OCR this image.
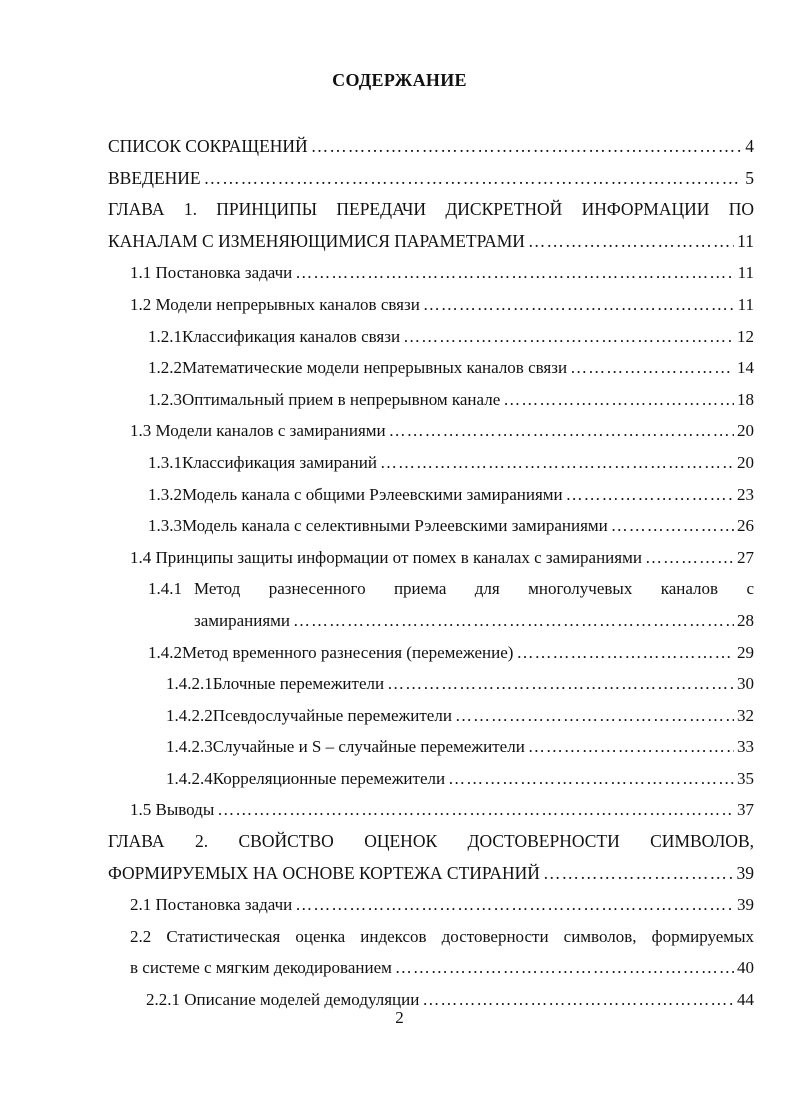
СОДЕРЖАНИЕ
СПИСОК СОКРАЩЕНИЙ …………………………………………………………………………………………………………………………………………	4
ВВЕДЕНИЕ …………………………………………………………………………………………………………………………………………	5
ГЛАВА 1. ПРИНЦИПЫ ПЕРЕДАЧИ ДИСКРЕТНОЙ ИНФОРМАЦИИ ПО
КАНАЛАМ С ИЗМЕНЯЮЩИМИСЯ ПАРАМЕТРАМИ …………………………………………………………………………………………………………………………………………	11
1.1 Постановка задачи …………………………………………………………………………………………………………………………………………	11
1.2 Модели непрерывных каналов связи …………………………………………………………………………………………………………………………………………	11
1.2.1 Классификация каналов связи …………………………………………………………………………………………………………………………………………	12
1.2.2 Математические модели непрерывных каналов связи …………………………………………………………………………………………………………………………………………	14
1.2.3 Оптимальный прием в непрерывном канале …………………………………………………………………………………………………………………………………………	18
1.3 Модели каналов с замираниями …………………………………………………………………………………………………………………………………………	20
1.3.1 Классификация замираний …………………………………………………………………………………………………………………………………………	20
1.3.2 Модель канала с общими Рэлеевскими замираниями …………………………………………………………………………………………………………………………………………	23
1.3.3 Модель канала с селективными Рэлеевскими замираниями …………………………………………………………………………………………………………………………………………	26
1.4 Принципы защиты информации от помех в каналах с замираниями …………………………………………………………………………………………………………………………………………	27
1.4.1 Метод разнесенного приема для многолучевых каналов с
замираниями …………………………………………………………………………………………………………………………………………	28
1.4.2 Метод временного разнесения (перемежение) …………………………………………………………………………………………………………………………………………	29
1.4.2.1 Блочные перемежители …………………………………………………………………………………………………………………………………………	30
1.4.2.2 Псевдослучайные перемежители …………………………………………………………………………………………………………………………………………	32
1.4.2.3 Случайные и S – случайные перемежители …………………………………………………………………………………………………………………………………………	33
1.4.2.4 Корреляционные перемежители …………………………………………………………………………………………………………………………………………	35
1.5 Выводы …………………………………………………………………………………………………………………………………………	37
ГЛАВА 2. СВОЙСТВО ОЦЕНОК ДОСТОВЕРНОСТИ СИМВОЛОВ,
ФОРМИРУЕМЫХ НА ОСНОВЕ КОРТЕЖА СТИРАНИЙ …………………………………………………………………………………………………………………………………………	39
2.1 Постановка задачи …………………………………………………………………………………………………………………………………………	39
2.2 Статистическая оценка индексов достоверности символов, формируемых
в системе с мягким декодированием …………………………………………………………………………………………………………………………………………	40
2.2.1 Описание моделей демодуляции …………………………………………………………………………………………………………………………………………	44
2
